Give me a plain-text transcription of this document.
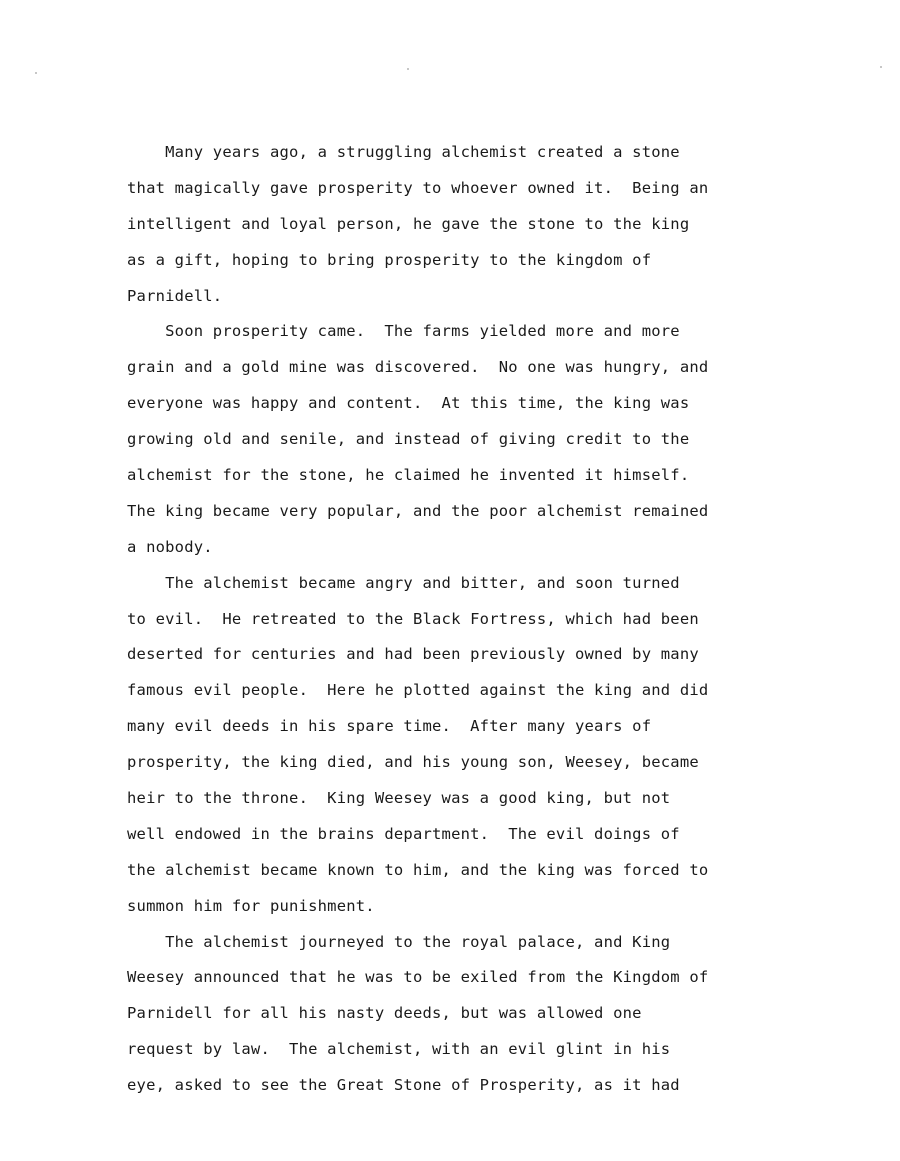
Many years ago, a struggling alchemist created a stone
that magically gave prosperity to whoever owned it.  Being an
intelligent and loyal person, he gave the stone to the king
as a gift, hoping to bring prosperity to the kingdom of
Parnidell.
Soon prosperity came.  The farms yielded more and more
grain and a gold mine was discovered.  No one was hungry, and
everyone was happy and content.  At this time, the king was
growing old and senile, and instead of giving credit to the
alchemist for the stone, he claimed he invented it himself.
The king became very popular, and the poor alchemist remained
a nobody.
The alchemist became angry and bitter, and soon turned
to evil.  He retreated to the Black Fortress, which had been
deserted for centuries and had been previously owned by many
famous evil people.  Here he plotted against the king and did
many evil deeds in his spare time.  After many years of
prosperity, the king died, and his young son, Weesey, became
heir to the throne.  King Weesey was a good king, but not
well endowed in the brains department.  The evil doings of
the alchemist became known to him, and the king was forced to
summon him for punishment.
The alchemist journeyed to the royal palace, and King
Weesey announced that he was to be exiled from the Kingdom of
Parnidell for all his nasty deeds, but was allowed one
request by law.  The alchemist, with an evil glint in his
eye, asked to see the Great Stone of Prosperity, as it had
